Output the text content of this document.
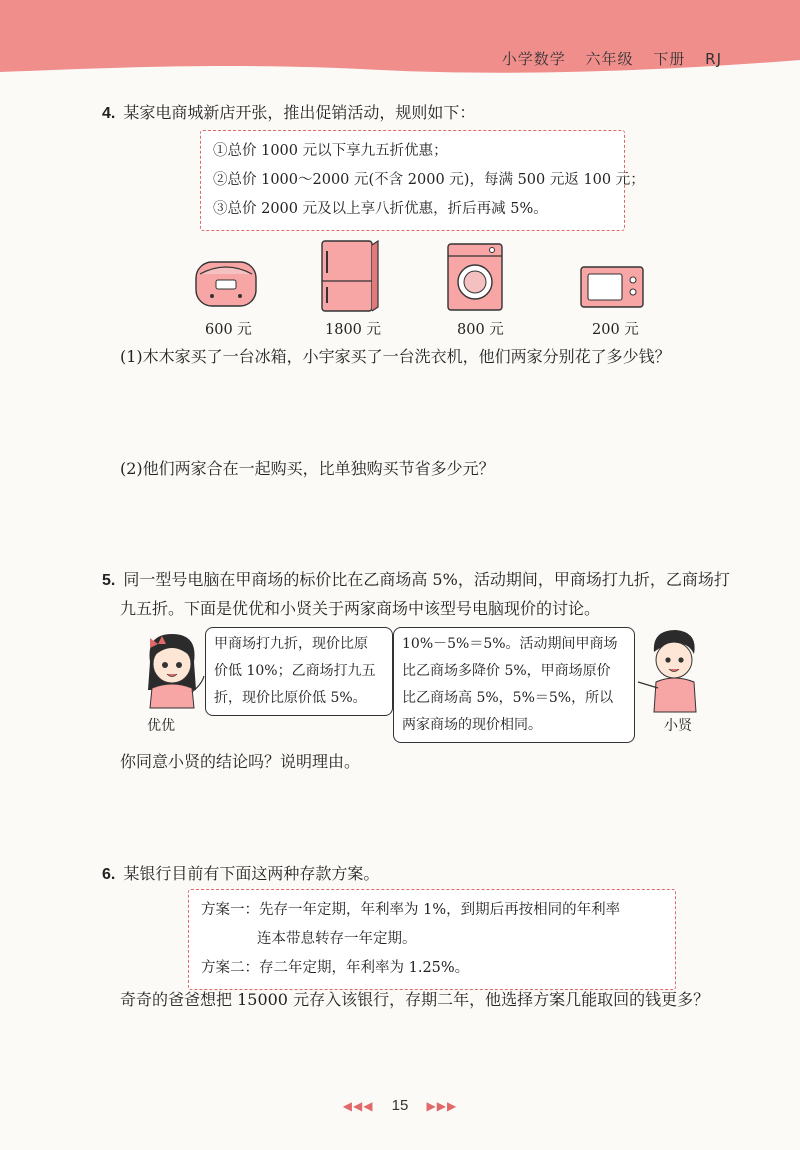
小学数学 六年级 下册 RJ
4. 某家电商城新店开张，推出促销活动，规则如下：
①总价 1000 元以下享九五折优惠；
②总价 1000～2000 元(不含 2000 元)，每满 500 元返 100 元；
③总价 2000 元及以上享八折优惠，折后再减 5%。
600 元	1800 元	800 元	200 元
(1)木木家买了一台冰箱，小宇家买了一台洗衣机，他们两家分别花了多少钱？
(2)他们两家合在一起购买，比单独购买节省多少元？
5. 同一型号电脑在甲商场的标价比在乙商场高 5%，活动期间，甲商场打九折，乙商场打
九五折。下面是优优和小贤关于两家商场中该型号电脑现价的讨论。
优优
甲商场打九折，现价比原
价低 10%；乙商场打九五
折，现价比原价低 5%。
10%－5%＝5%。活动期间甲商场
比乙商场多降价 5%，甲商场原价
比乙商场高 5%，5%＝5%，所以
两家商场的现价相同。	小贤
你同意小贤的结论吗？说明理由。
6. 某银行目前有下面这两种存款方案。
方案一：先存一年定期，年利率为 1%，到期后再按相同的年利率
连本带息转存一年定期。
方案二：存二年定期，年利率为 1.25%。
奇奇的爸爸想把 15000 元存入该银行，存期二年，他选择方案几能取回的钱更多？
◀◀◀ 15 ▶▶▶
